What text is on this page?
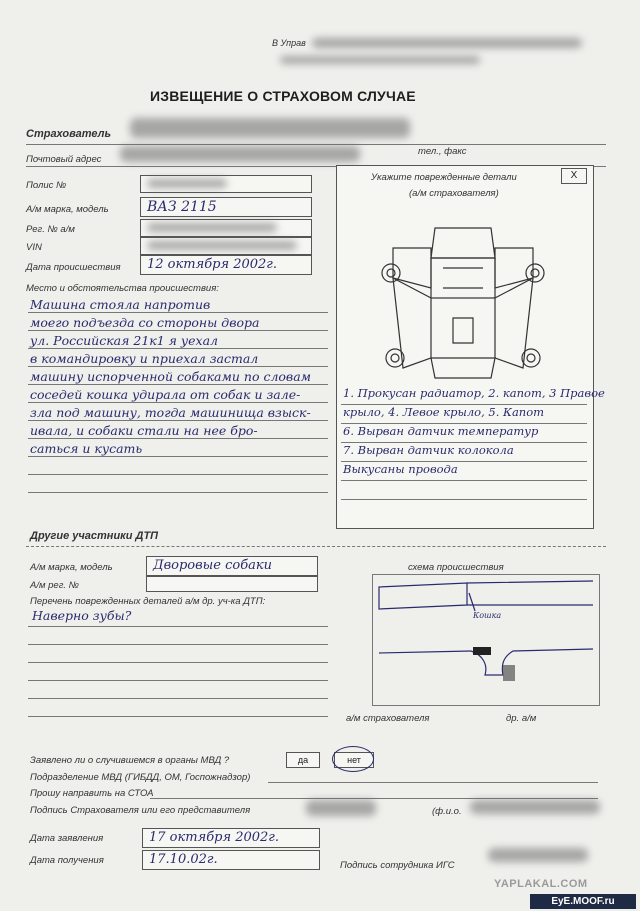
В Управ
ИЗВЕЩЕНИЕ О СТРАХОВОМ СЛУЧАЕ
Страхователь
Почтовый адрес
тел., факс
Полис №
А/м марка, модель	ВАЗ 2115
Рег. № а/м
VIN
Дата происшествия 12 октября 2002г.
Место и обстоятельства происшествия:
Машина стояла напротив
моего подъезда со стороны двора
ул. Российская 21к1 я уехал
в командировку и приехал застал
машину испорченной собаками по словам
соседей кошка удирала от собак и зале-
зла под машину, тогда машинища взыск-
ивала, и собаки стали на нее бро-
саться и кусать
Укажите поврежденные детали
(а/м страхователя)
X
1. Прокусан радиатор, 2. капот, 3 Правое
крыло, 4. Левое крыло, 5. Капот
6. Вырван датчик температур
7. Вырван датчик колокола
Выкусаны провода
Другие участники ДТП
А/м марка, модель	Дворовые собаки
А/м рег. №
Перечень поврежденных деталей а/м др. уч-ка ДТП:
Наверно зубы?
схема происшествия
Кошка
а/м страхователя	др. а/м
Заявлено ли о случившемся в органы МВД ?	да	нет
Подразделение МВД (ГИБДД, ОМ, Госпожнадзор)
Прошу направить на СТОА
Подпись Страхователя или его представителя	(ф.и.о.
Дата заявления	17 октября 2002г.
Дата получения	17.10.02г.	Подпись сотрудника ИГС
YAPLAKAL.COM
EyE.MOOF.ru
